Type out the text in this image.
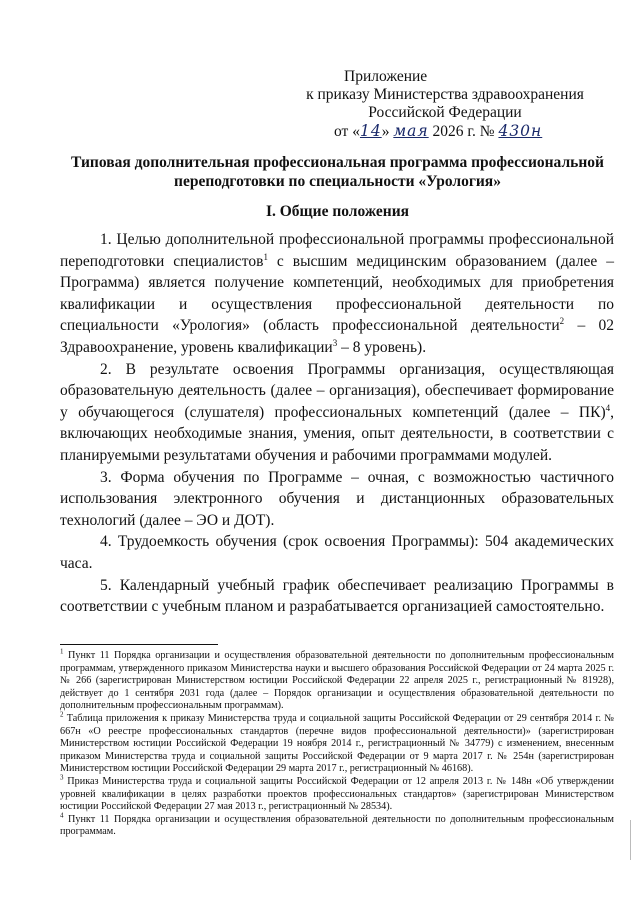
Приложение
к приказу Министерства здравоохранения
Российской Федерации
от «14» мая 2026 г. № 430н
Типовая дополнительная профессиональная программа профессиональной переподготовки по специальности «Урология»
I. Общие положения

1. Целью дополнительной профессиональной программы профессиональной переподготовки специалистов$^1$ с высшим медицинским образованием (далее – Программа) является получение компетенций, необходимых для приобретения квалификации и осуществления профессиональной деятельности по специальности «Урология» (область профессиональной деятельности$^2$ – 02 Здравоохранение, уровень квалификации$^3$ – 8 уровень).

2. В результате освоения Программы организация, осуществляющая образовательную деятельность (далее – организация), обеспечивает формирование у обучающегося (слушателя) профессиональных компетенций (далее – ПК)$^4$, включающих необходимые знания, умения, опыт деятельности, в соответствии с планируемыми результатами обучения и рабочими программами модулей.

3. Форма обучения по Программе – очная, с возможностью частичного использования электронного обучения и дистанционных образовательных технологий (далее – ЭО и ДОТ).

4. Трудоемкость обучения (срок освоения Программы): 504 академических часа.

5. Календарный учебный график обеспечивает реализацию Программы в соответствии с учебным планом и разрабатывается организацией самостоятельно.

$^1$ Пункт 11 Порядка организации и осуществления образовательной деятельности по дополнительным профессиональным программам, утвержденного приказом Министерства науки и высшего образования Российской Федерации от 24 марта 2025 г. № 266 (зарегистрирован Министерством юстиции Российской Федерации 22 апреля 2025 г., регистрационный № 81928), действует до 1 сентября 2031 года (далее – Порядок организации и осуществления образовательной деятельности по дополнительным профессиональным программам).

$^2$ Таблица приложения к приказу Министерства труда и социальной защиты Российской Федерации от 29 сентября 2014 г. № 667н «О реестре профессиональных стандартов (перечне видов профессиональной деятельности)» (зарегистрирован Министерством юстиции Российской Федерации 19 ноября 2014 г., регистрационный № 34779) с изменением, внесенным приказом Министерства труда и социальной защиты Российской Федерации от 9 марта 2017 г. № 254н (зарегистрирован Министерством юстиции Российской Федерации 29 марта 2017 г., регистрационный № 46168).

$^3$ Приказ Министерства труда и социальной защиты Российской Федерации от 12 апреля 2013 г. № 148н «Об утверждении уровней квалификации в целях разработки проектов профессиональных стандартов» (зарегистрирован Министерством юстиции Российской Федерации 27 мая 2013 г., регистрационный № 28534).

$^4$ Пункт 11 Порядка организации и осуществления образовательной деятельности по дополнительным профессиональным программам.
